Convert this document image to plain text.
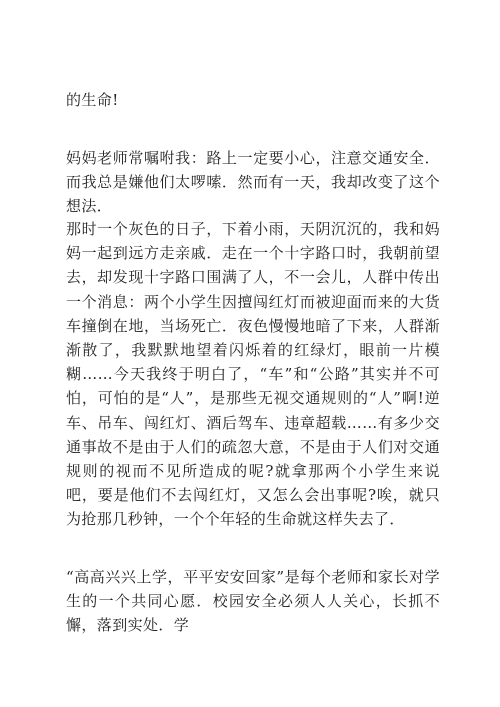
的生命!

妈妈老师常嘱咐我：路上一定要小心，注意交通安全．而我总是嫌他们太啰嗦．然而有一天，我却改变了这个想法．

那时一个灰色的日子，下着小雨，天阴沉沉的，我和妈妈一起到远方走亲戚．走在一个十字路口时，我朝前望去，却发现十字路口围满了人，不一会儿，人群中传出一个消息：两个小学生因擅闯红灯而被迎面而来的大货车撞倒在地，当场死亡．夜色慢慢地暗了下来，人群渐渐散了，我默默地望着闪烁着的红绿灯，眼前一片模糊……今天我终于明白了，“车”和“公路”其实并不可怕，可怕的是“人”，是那些无视交通规则的“人”啊!逆车、吊车、闯红灯、酒后驾车、违章超载……有多少交通事故不是由于人们的疏忽大意，不是由于人们对交通规则的视而不见所造成的呢?就拿那两个小学生来说吧，要是他们不去闯红灯，又怎么会出事呢?唉，就只为抢那几秒钟，一个个年轻的生命就这样失去了．

“高高兴兴上学，平平安安回家”是每个老师和家长对学生的一个共同心愿．校园安全必须人人关心，长抓不懈，落到实处．学
